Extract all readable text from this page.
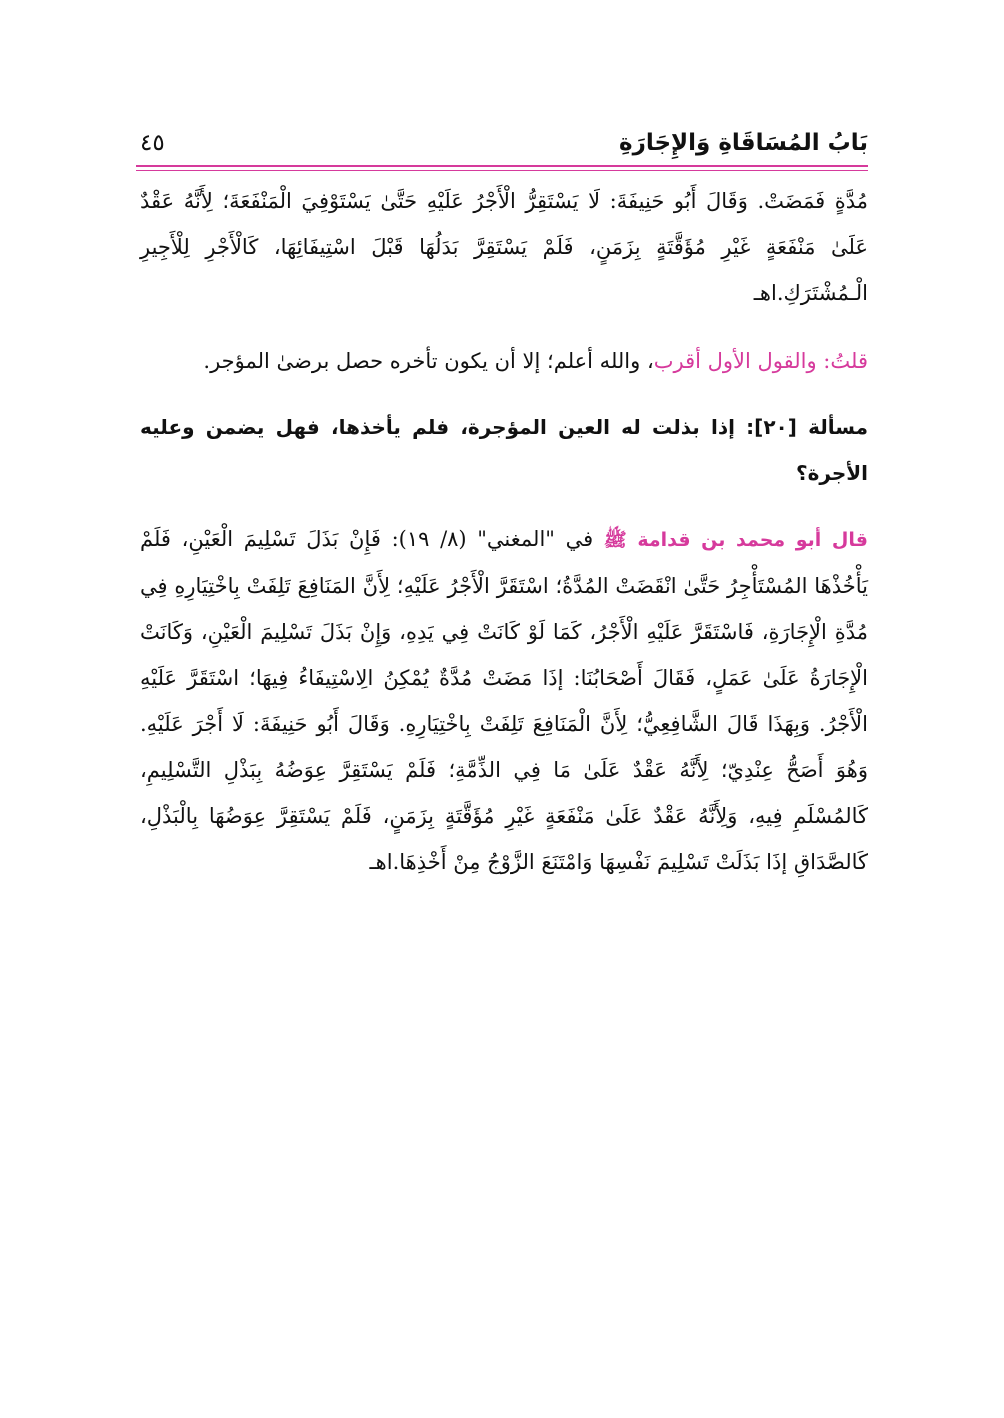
بَابُ المُسَاقَاةِ وَالإِجَارَةِ
٤٥

مُدَّةٍ فَمَضَتْ. وَقَالَ أَبُو حَنِيفَةَ: لَا يَسْتَقِرُّ الْأَجْرُ عَلَيْهِ حَتَّىٰ يَسْتَوْفِيَ الْمَنْفَعَةَ؛ لِأَنَّهُ عَقْدٌ عَلَىٰ مَنْفَعَةٍ غَيْرِ مُؤَقَّتَةٍ بِزَمَنٍ، فَلَمْ يَسْتَقِرَّ بَدَلُهَا قَبْلَ اسْتِيفَائِهَا، كَالْأَجْرِ لِلْأَجِيرِ الْـمُشْتَرَكِ.اهـ

قلتُ: والقول الأول أقرب، والله أعلم؛ إلا أن يكون تأخره حصل برضىٰ المؤجر.

مسألة [٢٠]: إذا بذلت له العين المؤجرة، فلم يأخذها، فهل يضمن وعليه الأجرة؟

قال أبو محمد بن قدامة ﷺ في "المغني" (٨/ ١٩): فَإِنْ بَذَلَ تَسْلِيمَ الْعَيْنِ، فَلَمْ يَأْخُذْهَا المُسْتَأْجِرُ حَتَّىٰ انْقَضَتْ المُدَّةُ؛ اسْتَقَرَّ الْأَجْرُ عَلَيْهِ؛ لِأَنَّ المَنَافِعَ تَلِفَتْ بِاخْتِيَارِهِ فِي مُدَّةِ الْإِجَارَةِ، فَاسْتَقَرَّ عَلَيْهِ الْأَجْرُ، كَمَا لَوْ كَانَتْ فِي يَدِهِ، وَإِنْ بَذَلَ تَسْلِيمَ الْعَيْنِ، وَكَانَتْ الْإِجَارَةُ عَلَىٰ عَمَلٍ، فَقَالَ أَصْحَابُنَا: إذَا مَضَتْ مُدَّةٌ يُمْكِنُ الِاسْتِيفَاءُ فِيهَا؛ اسْتَقَرَّ عَلَيْهِ الْأَجْرُ. وَبِهَذَا قَالَ الشَّافِعِيُّ؛ لِأَنَّ الْمَنَافِعَ تَلِفَتْ بِاخْتِيَارِهِ. وَقَالَ أَبُو حَنِيفَةَ: لَا أَجْرَ عَلَيْهِ. وَهُوَ أَصَحُّ عِنْدِيّ؛ لِأَنَّهُ عَقْدٌ عَلَىٰ مَا فِي الذِّمَّةِ؛ فَلَمْ يَسْتَقِرَّ عِوَضُهُ بِبَذْلِ التَّسْلِيمِ، كَالمُسْلَمِ فِيهِ، وَلِأَنَّهُ عَقْدٌ عَلَىٰ مَنْفَعَةٍ غَيْرِ مُؤَقَّتَةٍ بِزَمَنٍ، فَلَمْ يَسْتَقِرَّ عِوَضُهَا بِالْبَذْلِ، كَالصَّدَاقِ إذَا بَذَلَتْ تَسْلِيمَ نَفْسِهَا وَامْتَنَعَ الزَّوْجُ مِنْ أَخْذِهَا.اهـ
